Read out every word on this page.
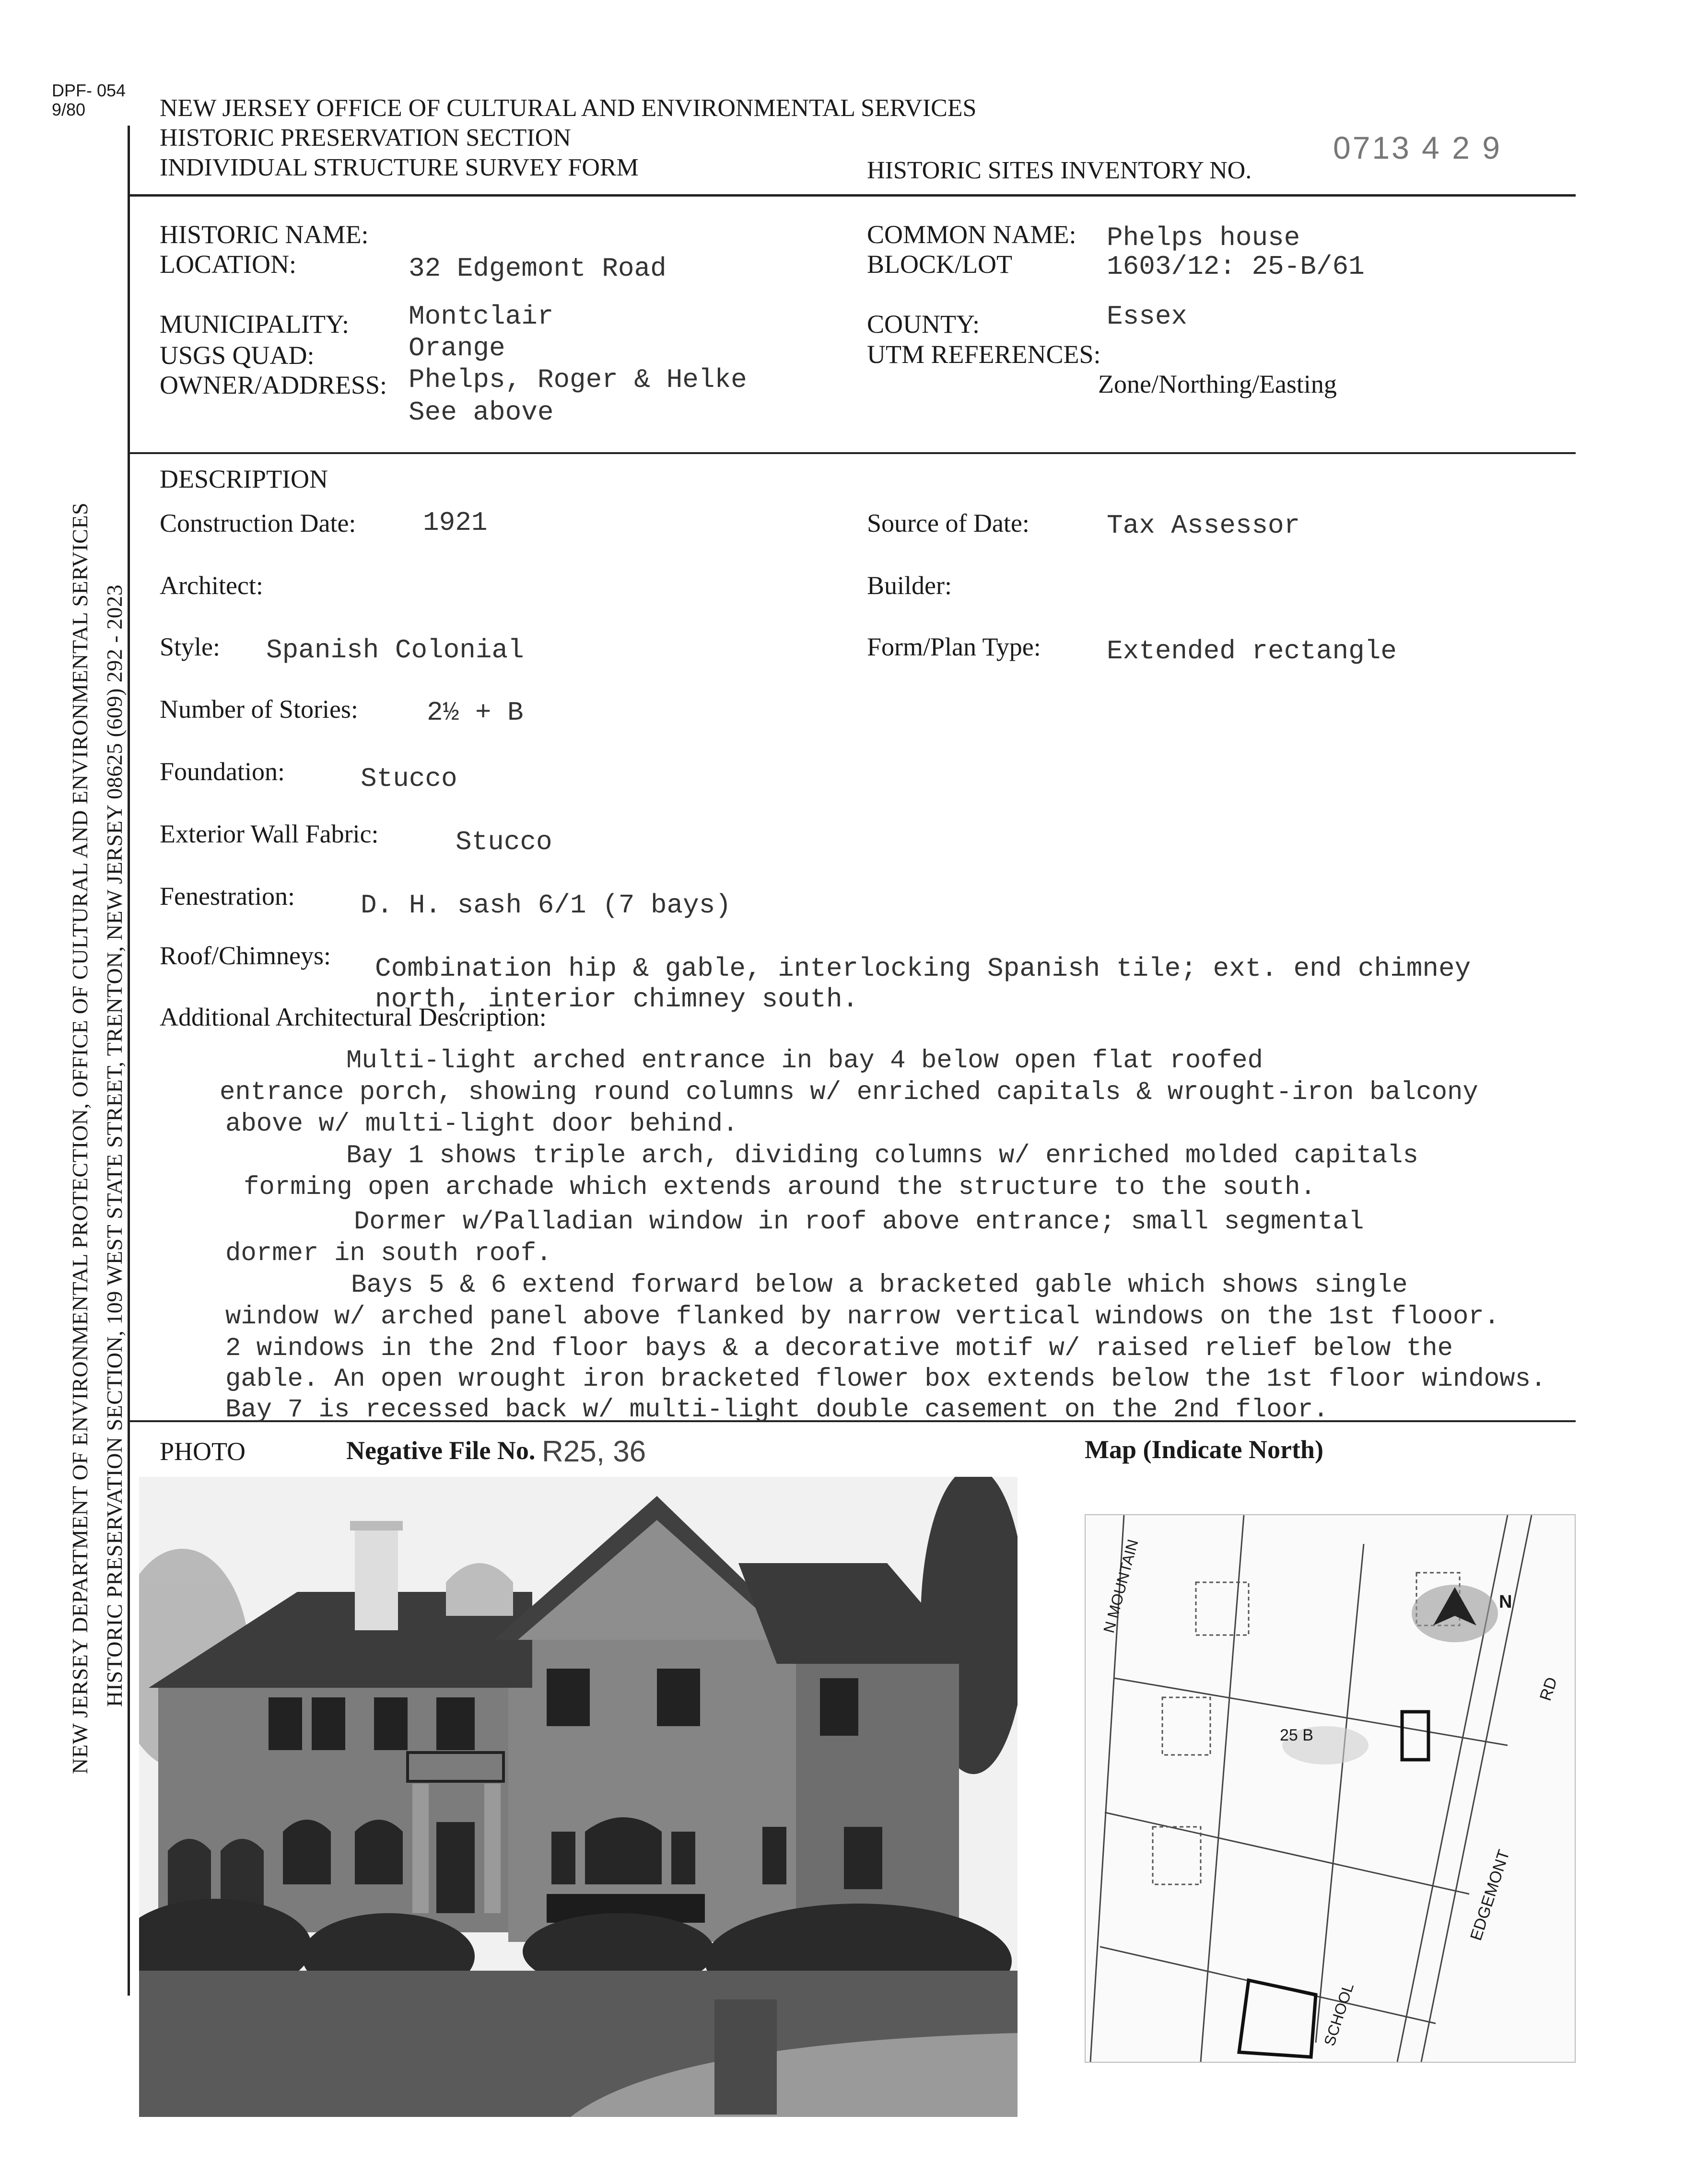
DPF- 054
9/80	NEW JERSEY OFFICE OF CULTURAL AND ENVIRONMENTAL SERVICES
HISTORIC PRESERVATION SECTION
INDIVIDUAL STRUCTURE SURVEY FORM	HISTORIC SITES INVENTORY NO.
0713 4 2 9
NEW JERSEY DEPARTMENT OF ENVIRONMENTAL PROTECTION, OFFICE OF CULTURAL AND ENVIRONMENTAL SERVICES HISTORIC PRESERVATION SECTION, 109 WEST STATE STREET, TRENTON, NEW JERSEY 08625 (609) 292 - 2023
HISTORIC NAME:
LOCATION:	32 Edgemont Road
MUNICIPALITY: Montclair
USGS QUAD:	Orange
OWNER/ADDRESS: Phelps, Roger & Helke
See above
COMMON NAME: Phelps house
BLOCK/LOT	1603/12: 25-B/61
COUNTY:	Essex
UTM REFERENCES:
Zone/Northing/Easting
DESCRIPTION
Construction Date: 1921	Source of Date:	Tax Assessor
Architect:	Builder:
Style: Spanish Colonial	Form/Plan Type: Extended rectangle
Number of Stories:	2½ + B
Foundation:	Stucco
Exterior Wall Fabric:	Stucco
Fenestration: D. H. sash 6/1 (7 bays)
Roof/Chimneys: Combination hip & gable, interlocking Spanish tile; ext. end chimney
north, interior chimney south.
Additional Architectural Description:
Multi-light arched entrance in bay 4 below open flat roofed
entrance porch, showing round columns w/ enriched capitals & wrought-iron balcony
above w/ multi-light door behind.
Bay 1 shows triple arch, dividing columns w/ enriched molded capitals
forming open archade which extends around the structure to the south.
Dormer w/Palladian window in roof above entrance; small segmental
dormer in south roof.
Bays 5 & 6 extend forward below a bracketed gable which shows single
window w/ arched panel above flanked by narrow vertical windows on the 1st flooor.
2 windows in the 2nd floor bays & a decorative motif w/ raised relief below the
gable. An open wrought iron bracketed flower box extends below the 1st floor windows.
Bay 7 is recessed back w/ multi-light double casement on the 2nd floor.
PHOTO	Negative File No. R25, 36	Map (Indicate North)
N MOUNTAIN
EDGEMONT
RD
SCHOOL
N
25 B
